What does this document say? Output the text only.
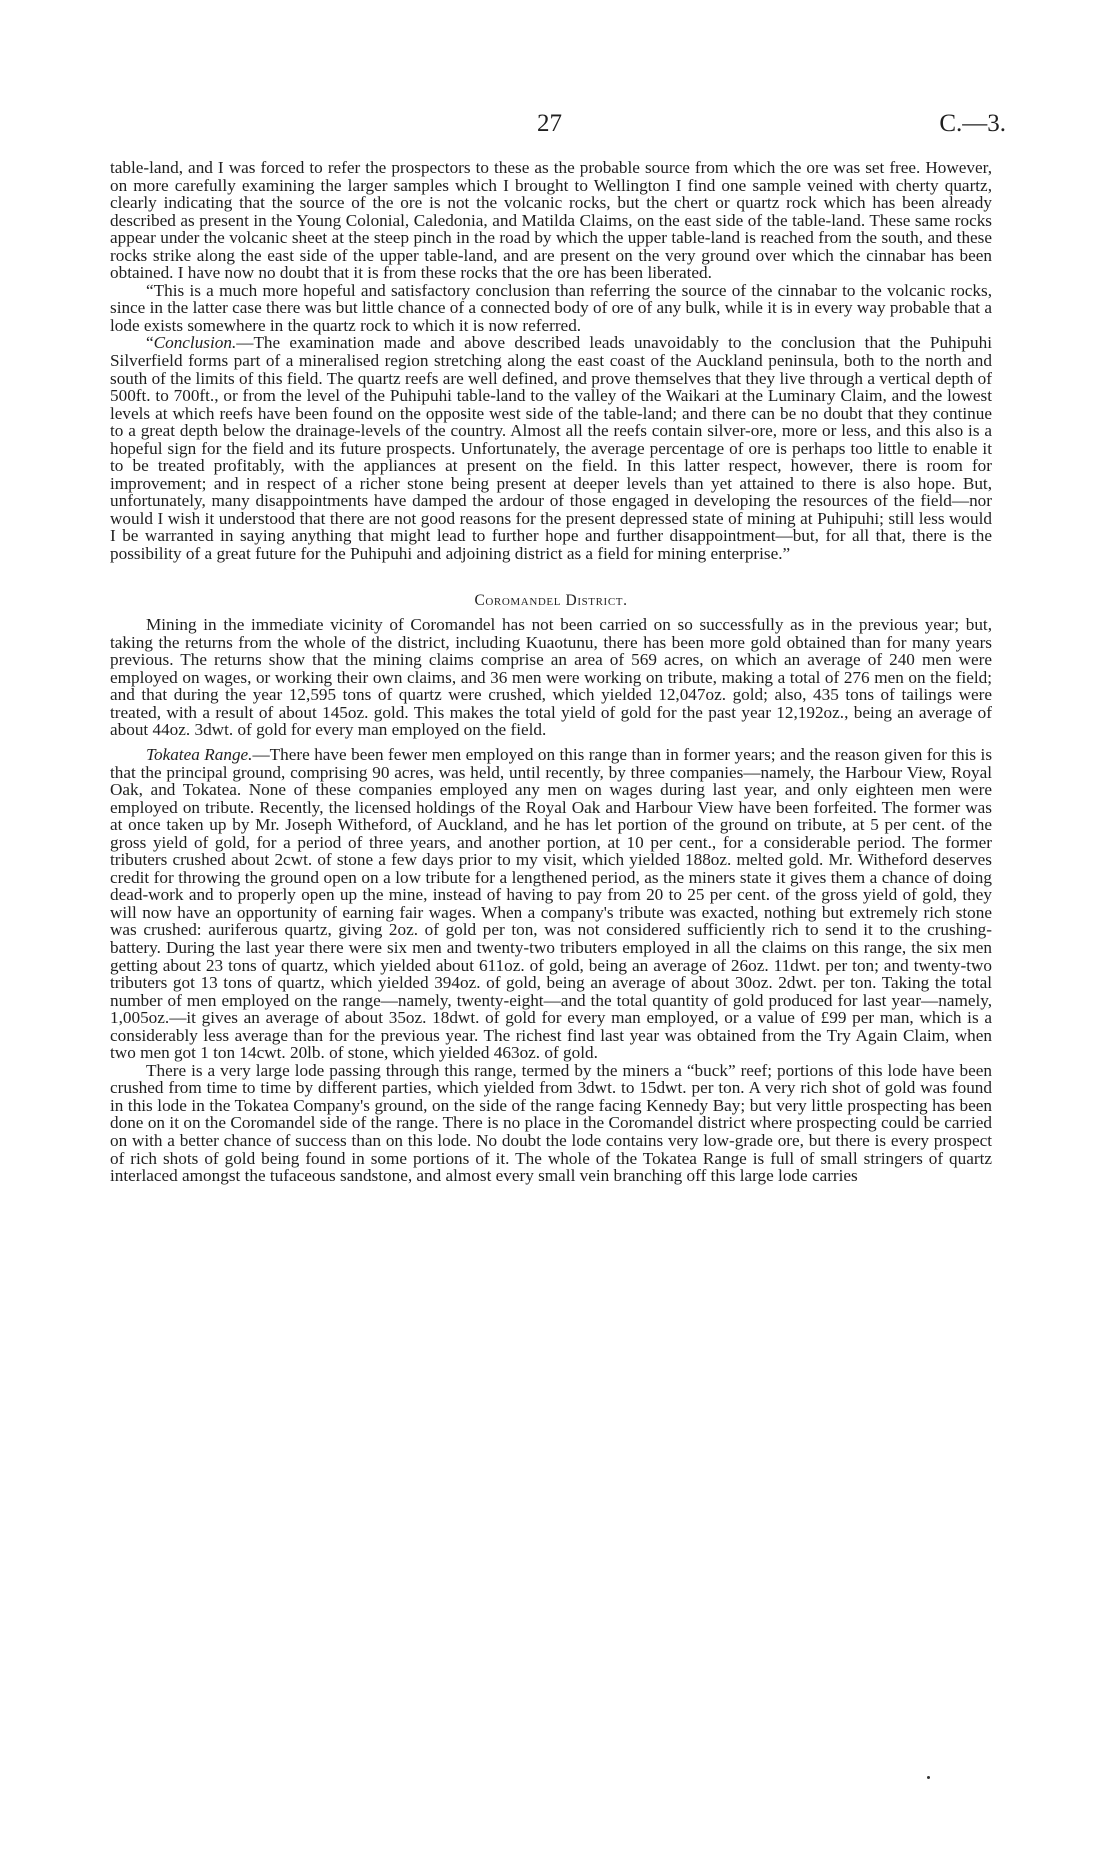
27	C.—3.

table-land, and I was forced to refer the prospectors to these as the probable source from which the ore was set free. However, on more carefully examining the larger samples which I brought to Wellington I find one sample veined with cherty quartz, clearly indicating that the source of the ore is not the volcanic rocks, but the chert or quartz rock which has been already described as present in the Young Colonial, Caledonia, and Matilda Claims, on the east side of the table-land. These same rocks appear under the volcanic sheet at the steep pinch in the road by which the upper table-land is reached from the south, and these rocks strike along the east side of the upper table-land, and are present on the very ground over which the cinnabar has been obtained. I have now no doubt that it is from these rocks that the ore has been liberated.

“This is a much more hopeful and satisfactory conclusion than referring the source of the cinnabar to the volcanic rocks, since in the latter case there was but little chance of a connected body of ore of any bulk, while it is in every way probable that a lode exists somewhere in the quartz rock to which it is now referred.

“Conclusion.—The examination made and above described leads unavoidably to the conclusion that the Puhipuhi Silverfield forms part of a mineralised region stretching along the east coast of the Auckland peninsula, both to the north and south of the limits of this field. The quartz reefs are well defined, and prove themselves that they live through a vertical depth of 500ft. to 700ft., or from the level of the Puhipuhi table-land to the valley of the Waikari at the Luminary Claim, and the lowest levels at which reefs have been found on the opposite west side of the table-land; and there can be no doubt that they continue to a great depth below the drainage-levels of the country. Almost all the reefs contain silver-ore, more or less, and this also is a hopeful sign for the field and its future prospects. Unfortunately, the average percentage of ore is perhaps too little to enable it to be treated profitably, with the appliances at present on the field. In this latter respect, however, there is room for improvement; and in respect of a richer stone being present at deeper levels than yet attained to there is also hope. But, unfortunately, many disappointments have damped the ardour of those engaged in developing the resources of the field—nor would I wish it understood that there are not good reasons for the present depressed state of mining at Puhipuhi; still less would I be warranted in saying anything that might lead to further hope and further disappointment—but, for all that, there is the possibility of a great future for the Puhipuhi and adjoining district as a field for mining enterprise.”

Coromandel District.

Mining in the immediate vicinity of Coromandel has not been carried on so successfully as in the previous year; but, taking the returns from the whole of the district, including Kuaotunu, there has been more gold obtained than for many years previous. The returns show that the mining claims comprise an area of 569 acres, on which an average of 240 men were employed on wages, or working their own claims, and 36 men were working on tribute, making a total of 276 men on the field; and that during the year 12,595 tons of quartz were crushed, which yielded 12,047oz. gold; also, 435 tons of tailings were treated, with a result of about 145oz. gold. This makes the total yield of gold for the past year 12,192oz., being an average of about 44oz. 3dwt. of gold for every man employed on the field.

Tokatea Range.—There have been fewer men employed on this range than in former years; and the reason given for this is that the principal ground, comprising 90 acres, was held, until recently, by three companies—namely, the Harbour View, Royal Oak, and Tokatea. None of these companies employed any men on wages during last year, and only eighteen men were employed on tribute. Recently, the licensed holdings of the Royal Oak and Harbour View have been forfeited. The former was at once taken up by Mr. Joseph Witheford, of Auckland, and he has let portion of the ground on tribute, at 5 per cent. of the gross yield of gold, for a period of three years, and another portion, at 10 per cent., for a considerable period. The former tributers crushed about 2cwt. of stone a few days prior to my visit, which yielded 188oz. melted gold. Mr. Witheford deserves credit for throwing the ground open on a low tribute for a lengthened period, as the miners state it gives them a chance of doing dead-work and to properly open up the mine, instead of having to pay from 20 to 25 per cent. of the gross yield of gold, they will now have an opportunity of earning fair wages. When a company's tribute was exacted, nothing but extremely rich stone was crushed: auriferous quartz, giving 2oz. of gold per ton, was not considered sufficiently rich to send it to the crushing-battery. During the last year there were six men and twenty-two tributers employed in all the claims on this range, the six men getting about 23 tons of quartz, which yielded about 611oz. of gold, being an average of 26oz. 11dwt. per ton; and twenty-two tributers got 13 tons of quartz, which yielded 394oz. of gold, being an average of about 30oz. 2dwt. per ton. Taking the total number of men employed on the range—namely, twenty-eight—and the total quantity of gold produced for last year—namely, 1,005oz.—it gives an average of about 35oz. 18dwt. of gold for every man employed, or a value of £99 per man, which is a considerably less average than for the previous year. The richest find last year was obtained from the Try Again Claim, when two men got 1 ton 14cwt. 20lb. of stone, which yielded 463oz. of gold.

There is a very large lode passing through this range, termed by the miners a “buck” reef; portions of this lode have been crushed from time to time by different parties, which yielded from 3dwt. to 15dwt. per ton. A very rich shot of gold was found in this lode in the Tokatea Company's ground, on the side of the range facing Kennedy Bay; but very little prospecting has been done on it on the Coromandel side of the range. There is no place in the Coromandel district where prospecting could be carried on with a better chance of success than on this lode. No doubt the lode contains very low-grade ore, but there is every prospect of rich shots of gold being found in some portions of it. The whole of the Tokatea Range is full of small stringers of quartz interlaced amongst the tufaceous sandstone, and almost every small vein branching off this large lode carries
